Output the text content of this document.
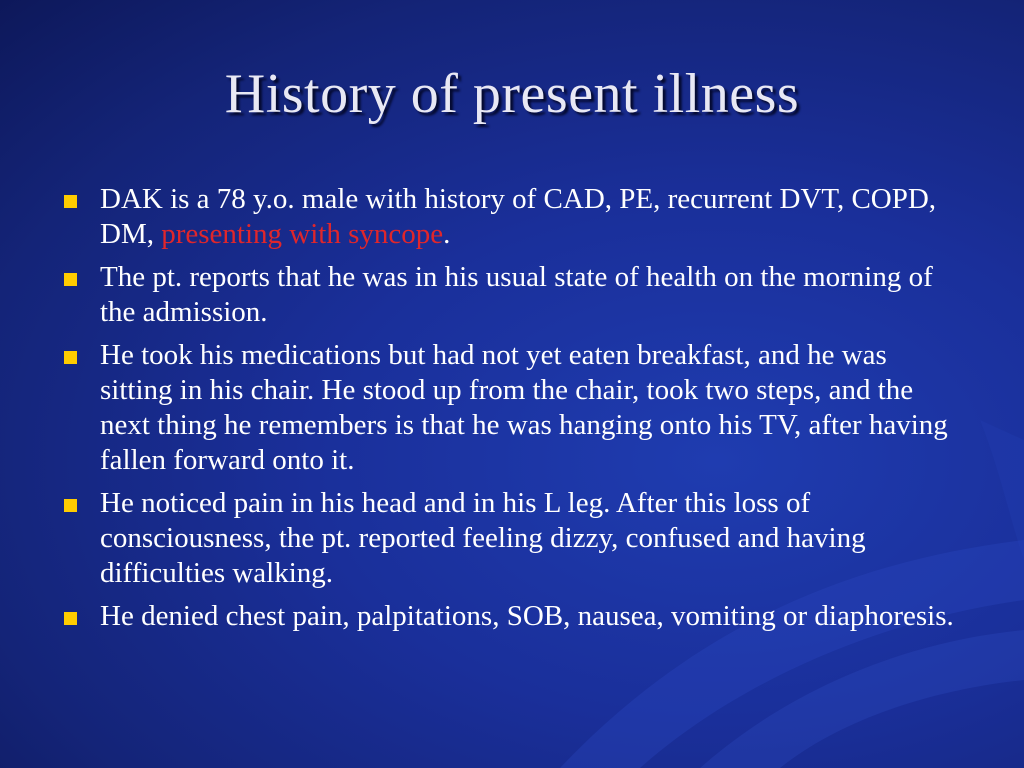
History of present illness
DAK is a 78 y.o. male with history of CAD, PE, recurrent DVT, COPD, DM, presenting with syncope.
The pt. reports that he was in his usual state of health on the morning of the admission.
He took his medications but had not yet eaten breakfast, and he was sitting in his chair. He stood up from the chair, took two steps, and the next thing he remembers is that he was hanging onto his TV, after having fallen forward onto it.
He noticed pain in his head and in his L leg. After this loss of consciousness, the pt. reported feeling dizzy, confused and having difficulties walking.
He denied chest pain, palpitations, SOB, nausea, vomiting or diaphoresis.
